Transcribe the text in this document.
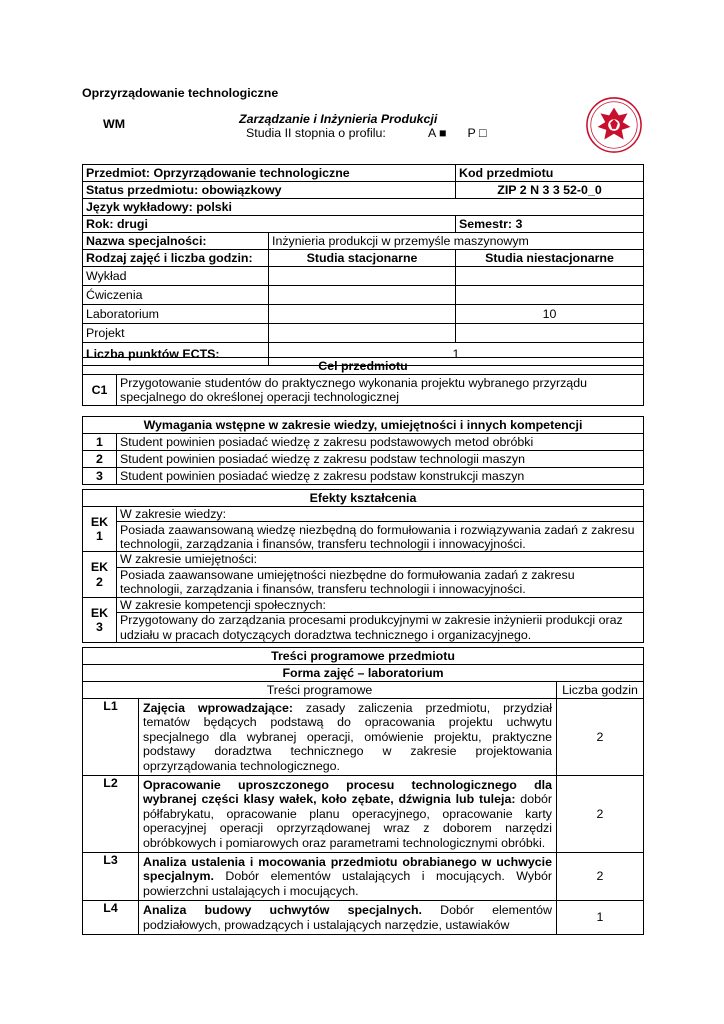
Oprzyrządowanie technologiczne
WM	Zarządzanie i Inżynieria Produkcji
Studia II stopnia o profilu:	A ■ P □
Przedmiot: Oprzyrządowanie technologiczne		Kod przedmiotu
Status przedmiotu: obowiązkowy		ZIP 2 N 3 3 52-0_0
Język wykładowy: polski		
Rok: drugi		Semestr: 3
Nazwa specjalności:	Inżynieria produkcji w przemyśle maszynowym	
Rodzaj zajęć i liczba godzin:	Studia stacjonarne	Studia niestacjonarne
Wykład		
Ćwiczenia		
Laboratorium		10
Projekt		
Liczba punktów ECTS:	1	
Cel przedmiotu
C1	Przygotowanie studentów do praktycznego wykonania projektu wybranego przyrządu specjalnego do określonej operacji technologicznej
Wymagania wstępne w zakresie wiedzy, umiejętności i innych kompetencji	
1	Student powinien posiadać wiedzę z zakresu podstawowych metod obróbki
2	Student powinien posiadać wiedzę z zakresu podstaw technologii maszyn
3	Student powinien posiadać wiedzę z zakresu podstaw konstrukcji maszyn
Efekty kształcenia	
EK 1	W zakresie wiedzy:
	Posiada zaawansowaną wiedzę niezbędną do formułowania i rozwiązywania zadań z zakresu technologii, zarządzania i finansów, transferu technologii i innowacyjności.
EK 2	W zakresie umiejętności:
	Posiada zaawansowane umiejętności niezbędne do formułowania zadań z zakresu technologii, zarządzania i finansów, transferu technologii i innowacyjności.
EK 3	W zakresie kompetencji społecznych:
	Przygotowany do zarządzania procesami produkcyjnymi w zakresie inżynierii produkcji oraz udziału w pracach dotyczących doradztwa technicznego i organizacyjnego.
Treści programowe przedmiotu		
Forma zajęć – laboratorium		
Treści programowe		Liczba godzin
L1	Zajęcia wprowadzające: zasady zaliczenia przedmiotu, przydział tematów będących podstawą do opracowania projektu uchwytu specjalnego dla wybranej operacji, omówienie projektu, praktyczne podstawy doradztwa technicznego w zakresie projektowania oprzyrządowania technologicznego.	2
L2	Opracowanie uproszczonego procesu technologicznego dla wybranej części klasy wałek, koło zębate, dźwignia lub tuleja: dobór półfabrykatu, opracowanie planu operacyjnego, opracowanie karty operacyjnej operacji oprzyrządowanej wraz z doborem narzędzi obróbkowych i pomiarowych oraz parametrami technologicznymi obróbki.	2
L3	Analiza ustalenia i mocowania przedmiotu obrabianego w uchwycie specjalnym. Dobór elementów ustalających i mocujących. Wybór powierzchni ustalających i mocujących.	2
L4	Analiza budowy uchwytów specjalnych. Dobór elementów podziałowych, prowadzących i ustalających narzędzie, ustawiaków	1
